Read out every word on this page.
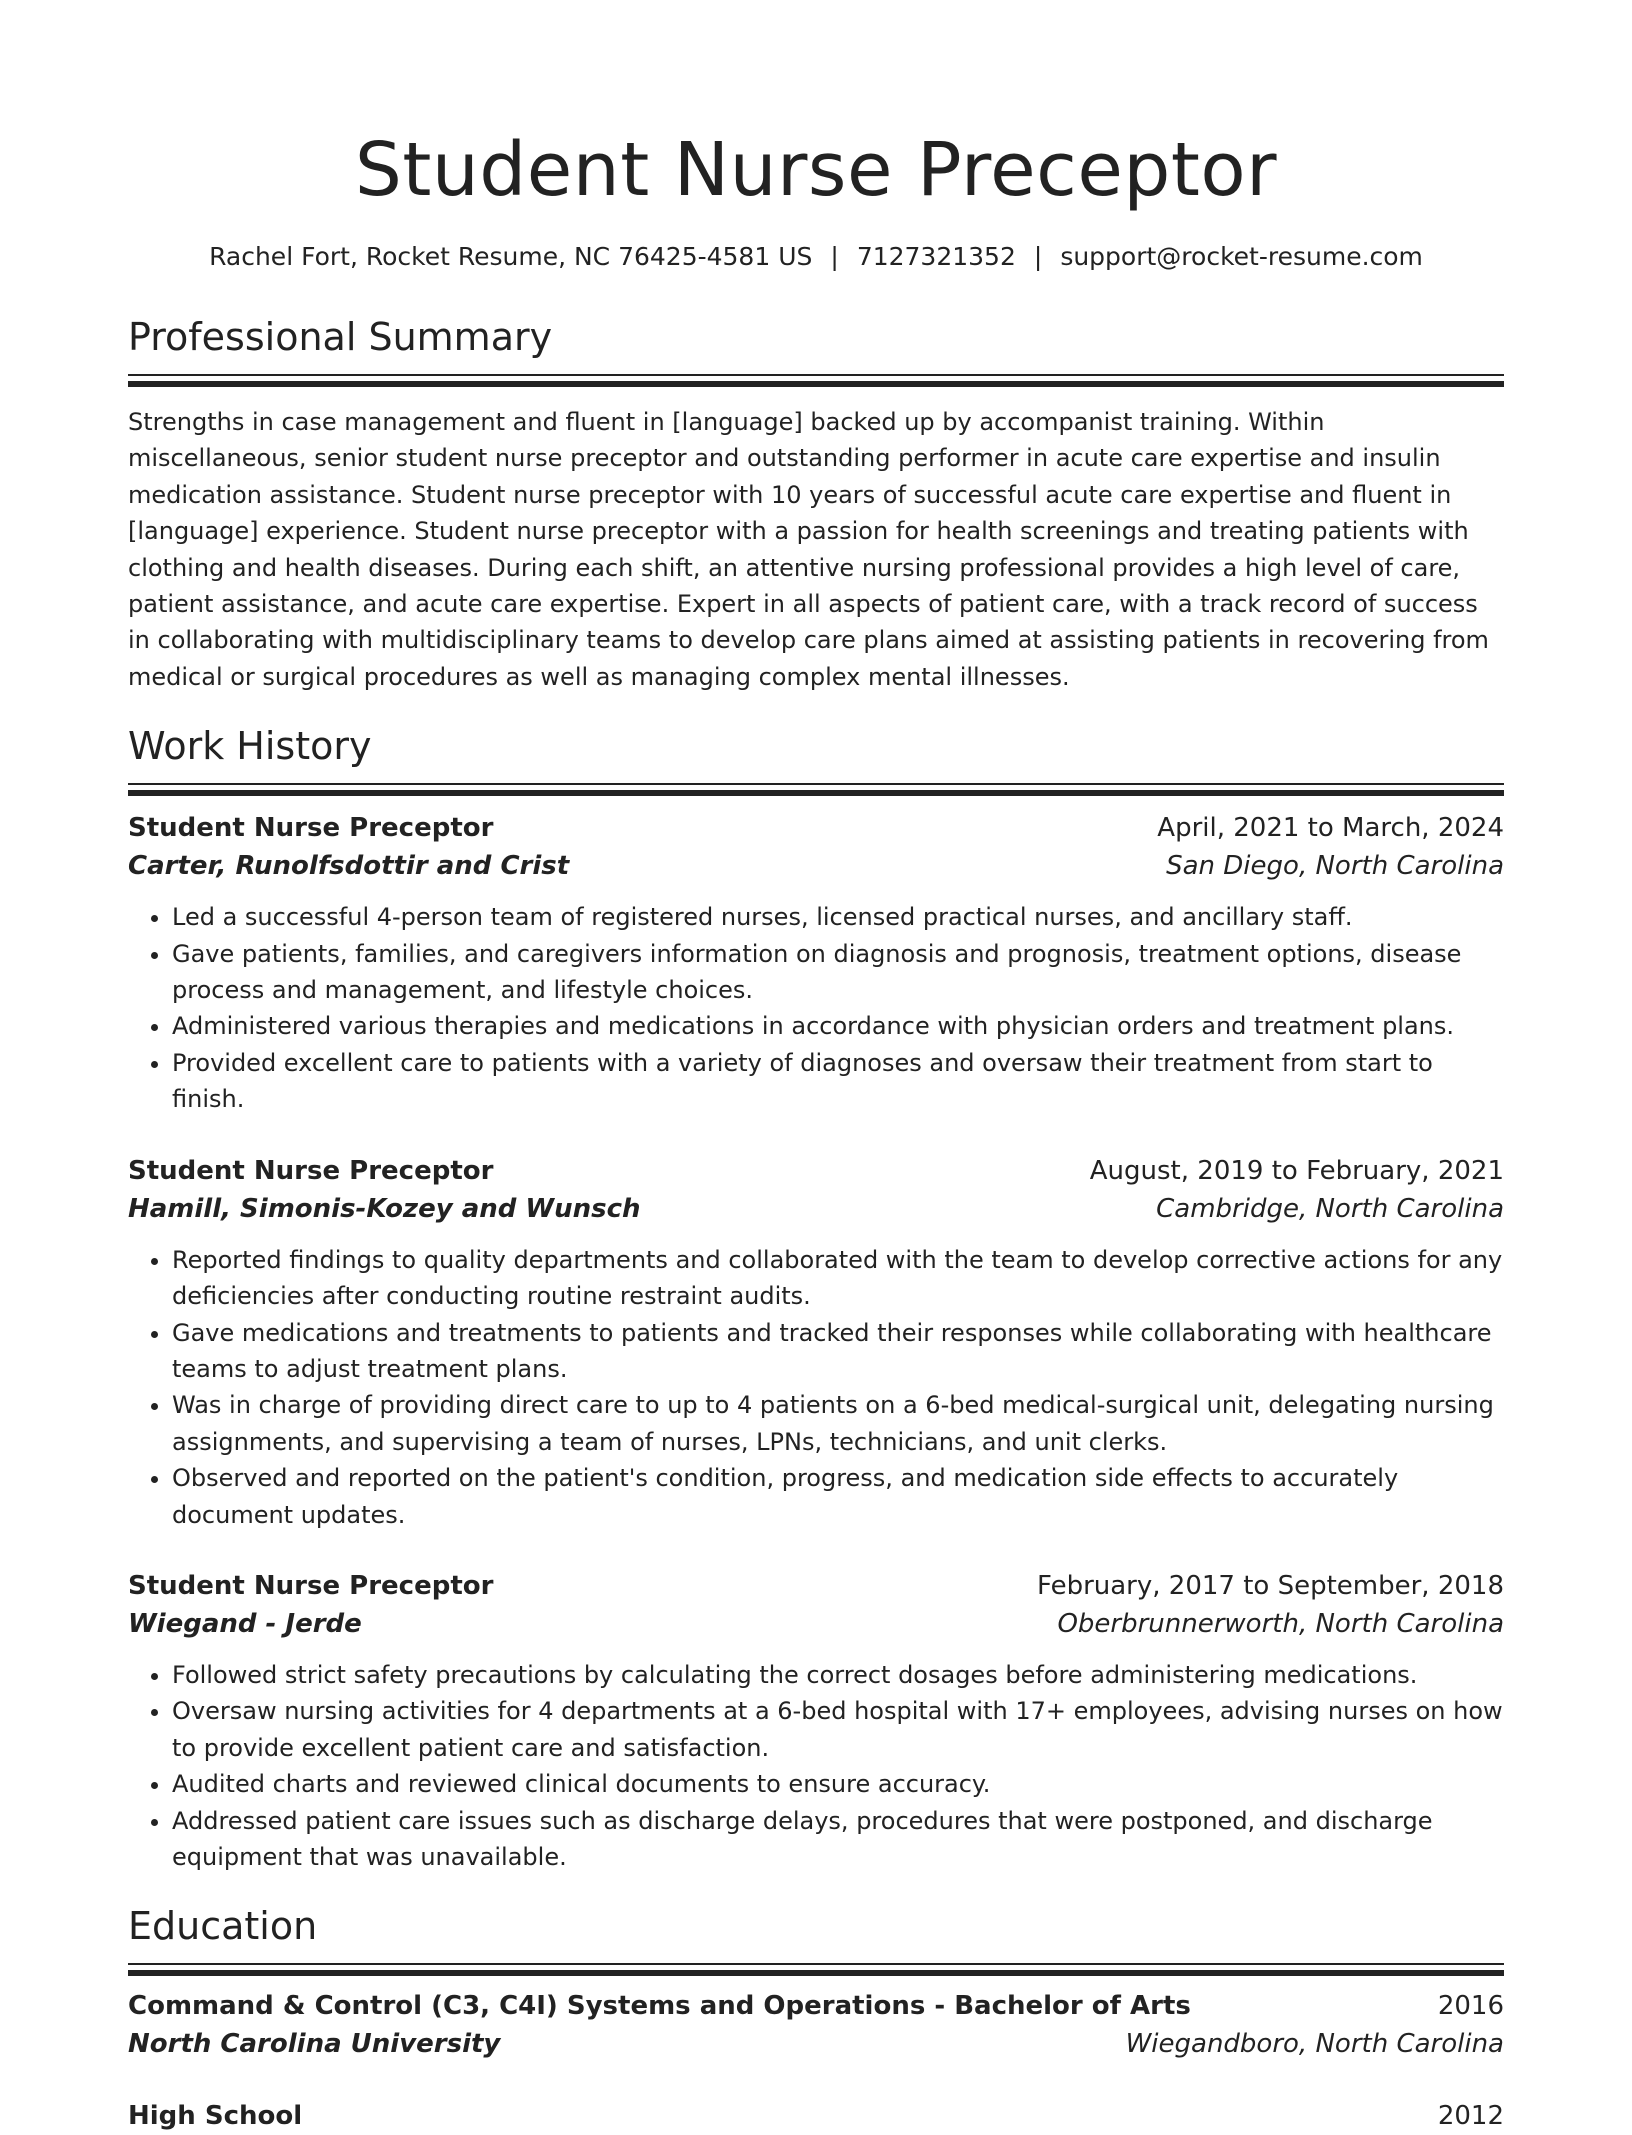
Student Nurse Preceptor
Rachel Fort, Rocket Resume, NC 76425-4581 US | 7127321352 | support@rocket-resume.com
Professional Summary

Strengths in case management and fluent in [language] backed up by accompanist training. Within miscellaneous, senior student nurse preceptor and outstanding performer in acute care expertise and insulin medication assistance. Student nurse preceptor with 10 years of successful acute care expertise and fluent in [language] experience. Student nurse preceptor with a passion for health screenings and treating patients with clothing and health diseases. During each shift, an attentive nursing professional provides a high level of care, patient assistance, and acute care expertise. Expert in all aspects of patient care, with a track record of success in collaborating with multidisciplinary teams to develop care plans aimed at assisting patients in recovering from medical or surgical procedures as well as managing complex mental illnesses.

Work History
Student Nurse Preceptor	April, 2021 to March, 2024
Carter, Runolfsdottir and Crist	San Diego, North Carolina
• Led a successful 4-person team of registered nurses, licensed practical nurses, and ancillary staff.
• Gave patients, families, and caregivers information on diagnosis and prognosis, treatment options, disease process and management, and lifestyle choices.
• Administered various therapies and medications in accordance with physician orders and treatment plans.
• Provided excellent care to patients with a variety of diagnoses and oversaw their treatment from start to finish.
Student Nurse Preceptor	August, 2019 to February, 2021
Hamill, Simonis-Kozey and Wunsch	Cambridge, North Carolina
• Reported findings to quality departments and collaborated with the team to develop corrective actions for any deficiencies after conducting routine restraint audits.
• Gave medications and treatments to patients and tracked their responses while collaborating with healthcare teams to adjust treatment plans.
• Was in charge of providing direct care to up to 4 patients on a 6-bed medical-surgical unit, delegating nursing assignments, and supervising a team of nurses, LPNs, technicians, and unit clerks.
• Observed and reported on the patient's condition, progress, and medication side effects to accurately document updates.
Student Nurse Preceptor	February, 2017 to September, 2018
Wiegand - Jerde	Oberbrunnerworth, North Carolina
• Followed strict safety precautions by calculating the correct dosages before administering medications.
• Oversaw nursing activities for 4 departments at a 6-bed hospital with 17+ employees, advising nurses on how to provide excellent patient care and satisfaction.
• Audited charts and reviewed clinical documents to ensure accuracy.
• Addressed patient care issues such as discharge delays, procedures that were postponed, and discharge equipment that was unavailable.
Education
Command & Control (C3, C4I) Systems and Operations - Bachelor of Arts	2016
North Carolina University	Wiegandboro, North Carolina
High School	2012
